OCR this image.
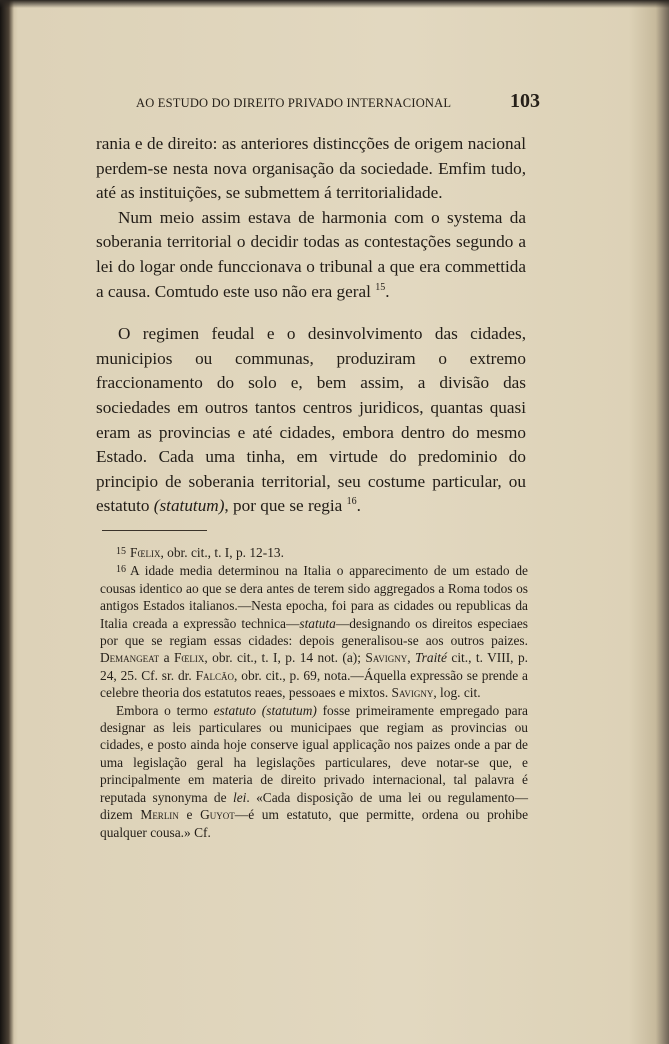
AO ESTUDO DO DIREITO PRIVADO INTERNACIONAL	103

rania e de direito: as anteriores distincções de origem nacional perdem-se nesta nova organisação da sociedade. Emfim tudo, até as instituições, se submettem á territorialidade.

Num meio assim estava de harmonia com o systema da soberania territorial o decidir todas as contestações segundo a lei do logar onde funccionava o tribunal a que era commettida a causa. Comtudo este uso não era geral $^{15}$.

O regimen feudal e o desinvolvimento das cidades, municipios ou communas, produziram o extremo fraccionamento do solo e, bem assim, a divisão das sociedades em outros tantos centros juridicos, quantas quasi eram as provincias e até cidades, embora dentro do mesmo Estado. Cada uma tinha, em virtude do predominio do principio de soberania territorial, seu costume particular, ou estatuto (statutum), por que se regia $^{16}$.

$^{15}$ Fœlix, obr. cit., t. I, p. 12-13.

$^{16}$ A idade media determinou na Italia o apparecimento de um estado de cousas identico ao que se dera antes de terem sido aggregados a Roma todos os antigos Estados italianos.—Nesta epocha, foi para as cidades ou republicas da Italia creada a expressão technica—statuta—designando os direitos especiaes por que se regiam essas cidades: depois generalisou-se aos outros paizes. Demangeat a Fœlix, obr. cit., t. I, p. 14 not. (a); Savigny, Traité cit., t. VIII, p. 24, 25. Cf. sr. dr. Falcão, obr. cit., p. 69, nota.—Áquella expressão se prende a celebre theoria dos estatutos reaes, pessoaes e mixtos. Savigny, log. cit.

Embora o termo estatuto (statutum) fosse primeiramente empregado para designar as leis particulares ou municipaes que regiam as provincias ou cidades, e posto ainda hoje conserve igual applicação nos paizes onde a par de uma legislação geral ha legislações particulares, deve notar-se que, e principalmente em materia de direito privado internacional, tal palavra é reputada synonyma de lei. «Cada disposição de uma lei ou regulamento—dizem Merlin e Guyot—é um estatuto, que permitte, ordena ou prohibe qualquer cousa.» Cf.
